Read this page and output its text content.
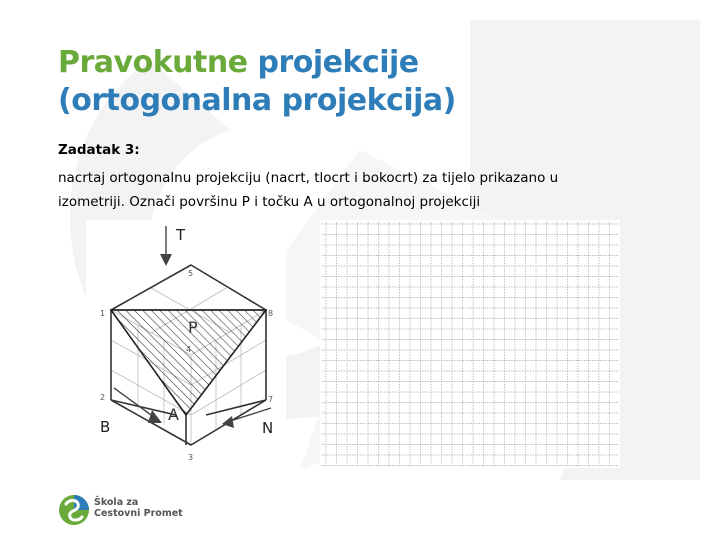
Pravokutne projekcije
(ortogonalna projekcija)
Zadatak 3:
nacrtaj ortogonalnu projekciju (nacrt, tlocrt i bokocrt) za tijelo prikazano u izometriji. Označi površinu P i točku A u ortogonalnoj projekciji
T
B	N
P
A
1
2
3
4
5
7
8
Škola za
Cestovni Promet
